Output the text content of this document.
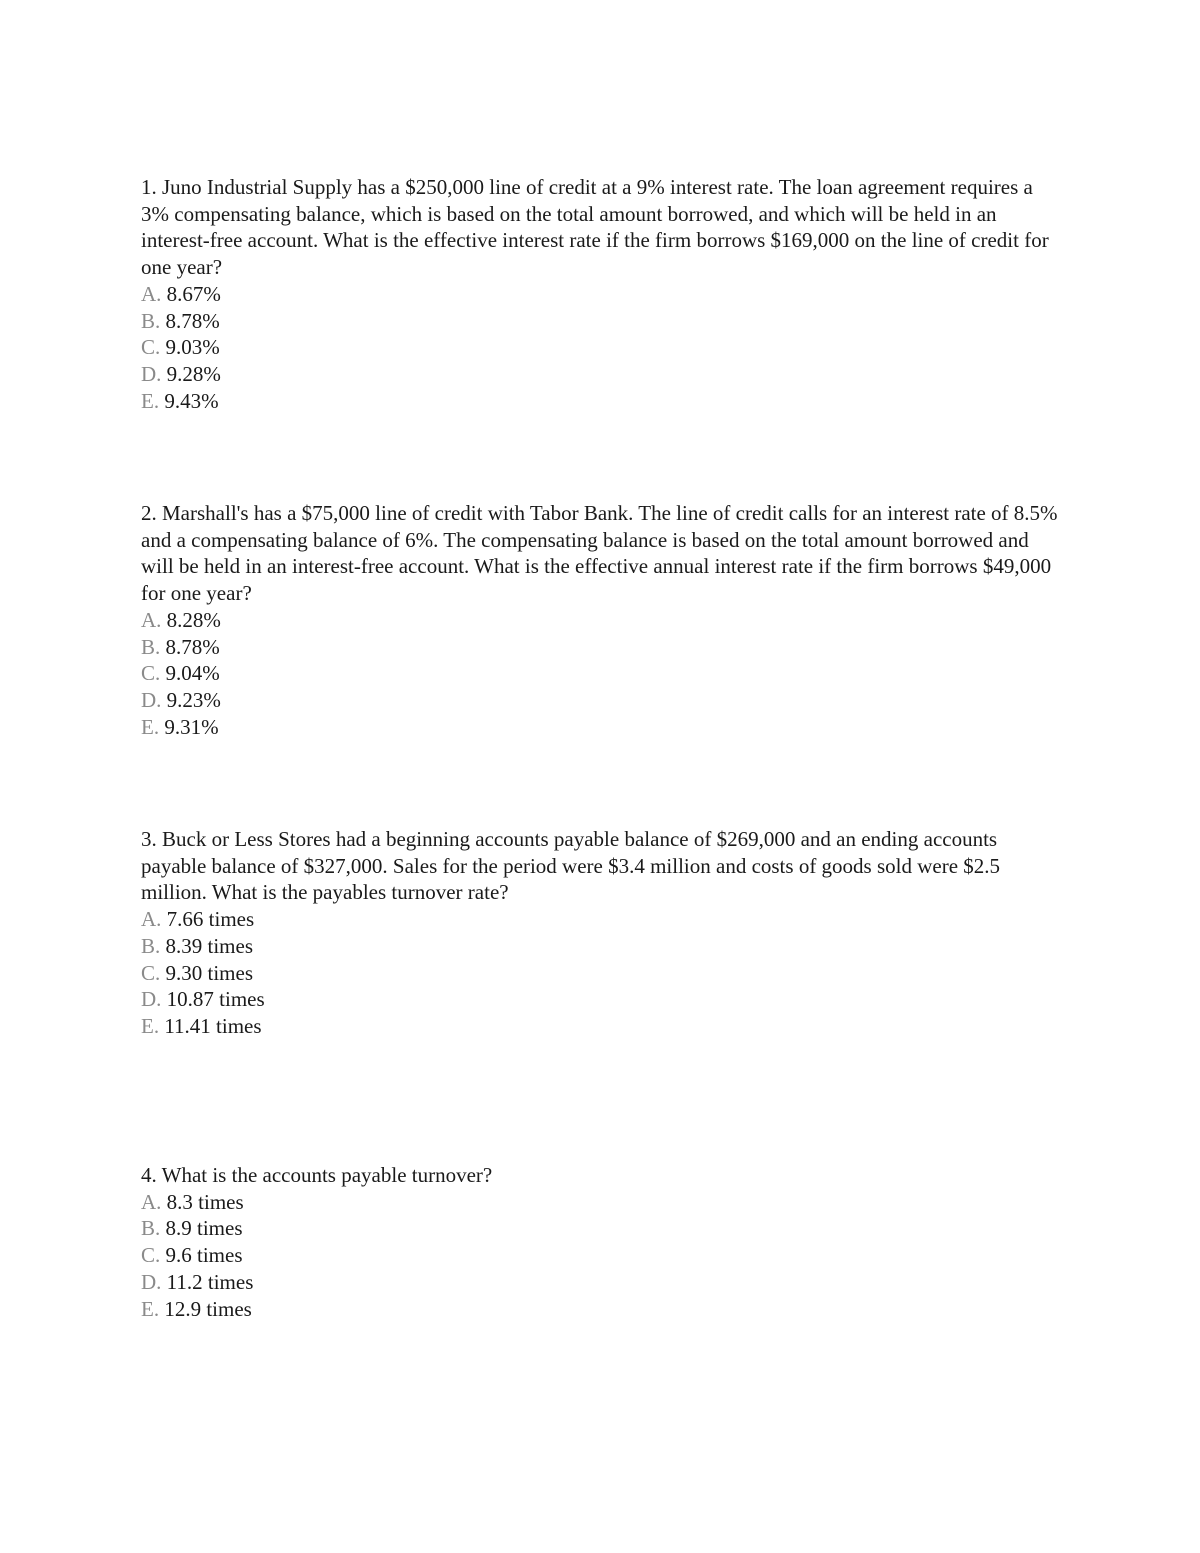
1. Juno Industrial Supply has a $250,000 line of credit at a 9% interest rate. The loan agreement requires a 3% compensating balance, which is based on the total amount borrowed, and which will be held in an interest-free account. What is the effective interest rate if the firm borrows $169,000 on the line of credit for one year?

A. 8.67%
B. 8.78%
C. 9.03%
D. 9.28%
E. 9.43%

2. Marshall's has a $75,000 line of credit with Tabor Bank. The line of credit calls for an interest rate of 8.5% and a compensating balance of 6%. The compensating balance is based on the total amount borrowed and will be held in an interest-free account. What is the effective annual interest rate if the firm borrows $49,000 for one year?

A. 8.28%
B. 8.78%
C. 9.04%
D. 9.23%
E. 9.31%

3. Buck or Less Stores had a beginning accounts payable balance of $269,000 and an ending accounts payable balance of $327,000. Sales for the period were $3.4 million and costs of goods sold were $2.5 million. What is the payables turnover rate?

A. 7.66 times
B. 8.39 times
C. 9.30 times
D. 10.87 times
E. 11.41 times

4. What is the accounts payable turnover?

A. 8.3 times
B. 8.9 times
C. 9.6 times
D. 11.2 times
E. 12.9 times
